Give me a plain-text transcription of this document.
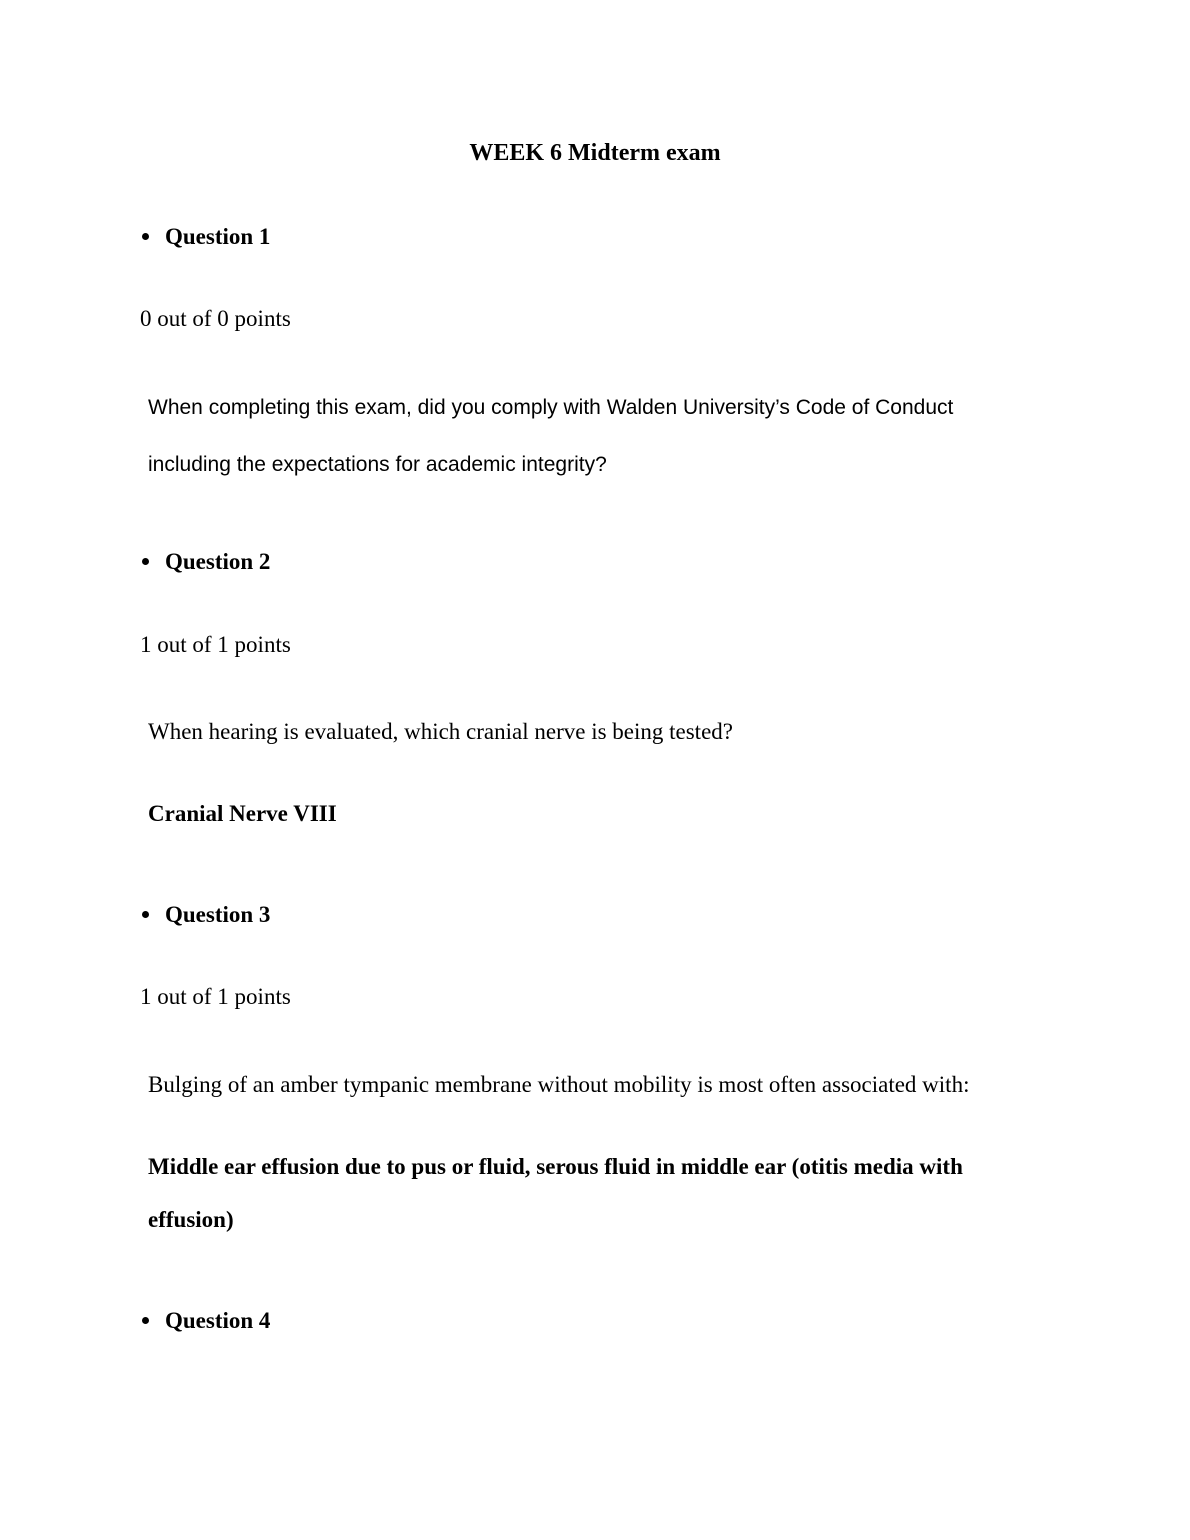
WEEK 6 Midterm exam
Question 1
0 out of 0 points
When completing this exam, did you comply with Walden University’s Code of Conduct
including the expectations for academic integrity?
Question 2
1 out of 1 points
When hearing is evaluated, which cranial nerve is being tested?
Cranial Nerve VIII
Question 3
1 out of 1 points
Bulging of an amber tympanic membrane without mobility is most often associated with:
Middle ear effusion due to pus or fluid, serous fluid in middle ear (otitis media with
effusion)
Question 4
